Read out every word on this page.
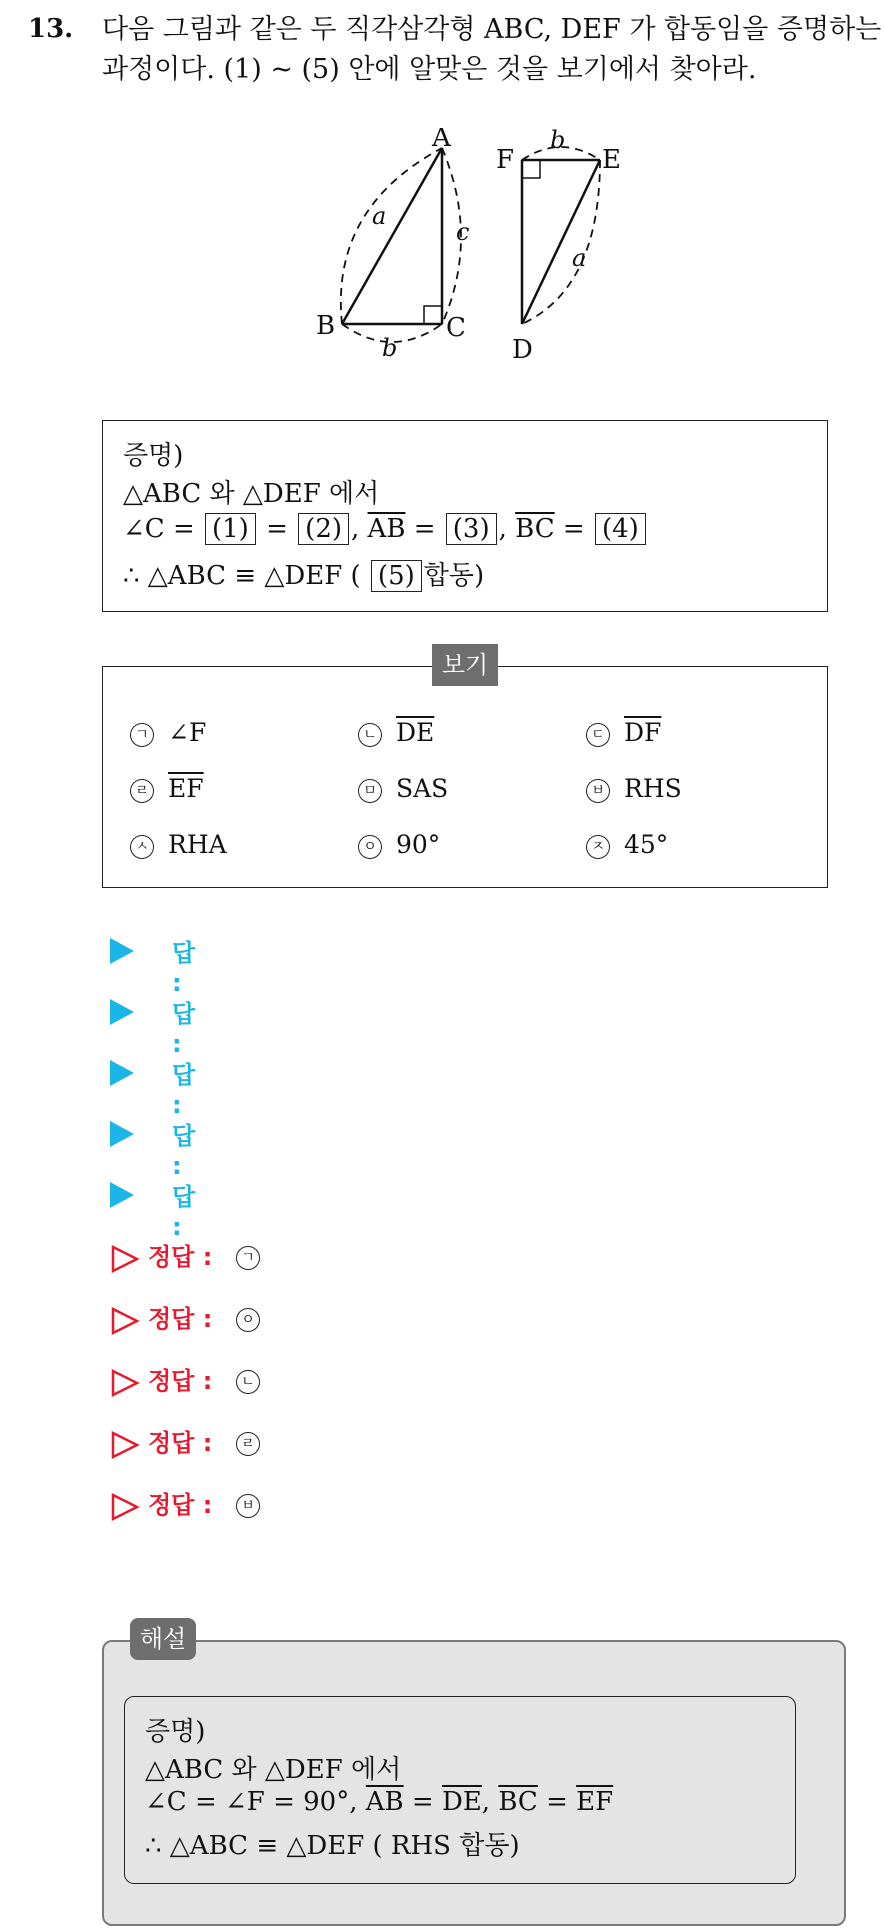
13. 다음 그림과 같은 두 직각삼각형 ABC, DEF 가 합동임을 증명하는
과정이다. (1) ~ (5) 안에 알맞은 것을 보기에서 찾아라.
A
B	C
a
c
b
F	E
D
b
a
증명)
△ABC 와 △DEF 에서
∠C = (1) = (2) , $\overline{AB} = (3)$ , $\overline{BC} = (4)$
∴ △ABC ≡ △DEF ( (5) 합동)
보기
ㄱ ∠F	ㄴ $\overline{DE}$	ㄷ $\overline{DF}$
ㄹ $\overline{EF}$	ㅁ SAS	ㅂ RHS
ㅅ RHA	ㅇ 90°	ㅈ 45°
답 :
답 :
답 :
답 :
답 :
정답 :	ㄱ
정답 :	ㅇ
정답 :	ㄴ
정답 :	ㄹ
정답 :	ㅂ
해설
증명)
△ABC 와 △DEF 에서
∠C = ∠F = 90°, $\overline{AB} = \overline{DE}$, $\overline{BC} = \overline{EF}$
∴ △ABC ≡ △DEF ( RHS 합동)
